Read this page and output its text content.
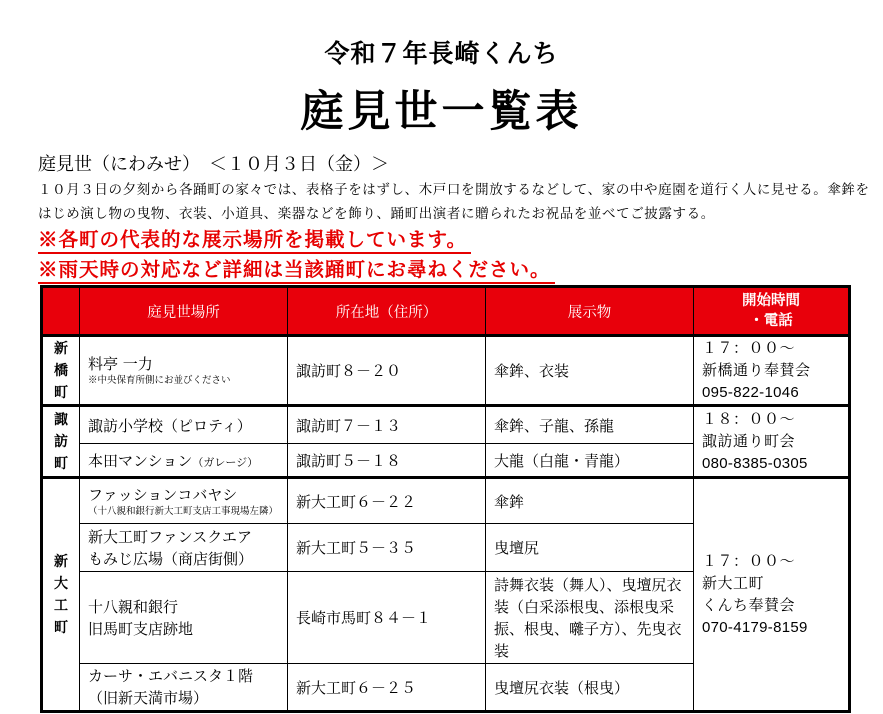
令和７年長崎くんち
庭見世一覧表
庭見世（にわみせ）　＜１０月３日（金）＞
１０月３日の夕刻から各踊町の家々では、表格子をはずし、木戸口を開放するなどして、家の中や庭園を道行く人に見せる。傘鉾をはじめ演し物の曳物、衣装、小道具、楽器などを飾り、踊町出演者に贈られたお祝品を並べてご披露する。
※各町の代表的な展示場所を掲載しています。
※雨天時の対応など詳細は当該踊町にお尋ねください。
	庭見世場所	所在地（住所）	展示物	開始時間
・電話
新
橋
町	料亭 一力
※中央保育所側にお並びください	諏訪町８－２０	傘鉾、衣装	１７：００～
新橋通り奉賛会
095-822-1046
諏
訪
町	諏訪小学校（ピロティ）	諏訪町７－１３	傘鉾、子龍、孫龍	１８：００～
諏訪通り町会
080-8385-0305
	本田マンション（ガレージ）	諏訪町５－１８	大龍（白龍・青龍）	
新
大
工
町	ファッションコバヤシ
（十八親和銀行新大工町支店工事現場左隣）	新大工町６－２２	傘鉾	１７：００～
新大工町
くんち奉賛会
070-4179-8159
	新大工町ファンスクエア
もみじ広場（商店街側）	新大工町５－３５	曳壇尻	
	十八親和銀行
旧馬町支店跡地	長崎市馬町８４－１	詩舞衣装（舞人）、曳壇尻衣装（白采添根曳、添根曳采振、根曳、囃子方）、先曳衣装	
	カーサ・エバニスタ１階
（旧新天満市場）	新大工町６－２５	曳壇尻衣装（根曳）	
